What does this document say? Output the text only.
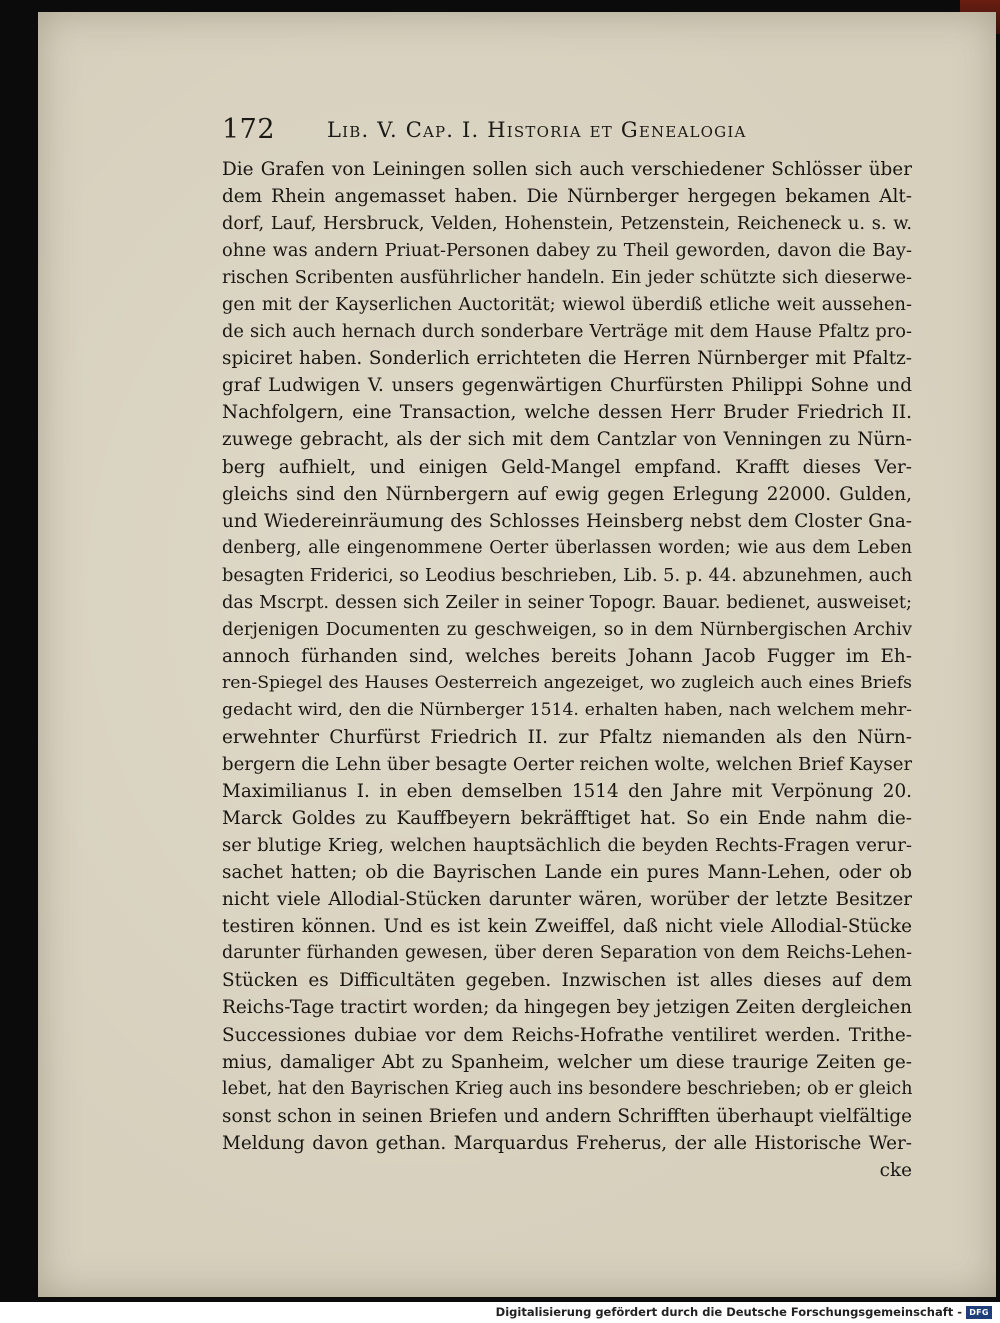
172 Lib. V. Cap. I. Historia et Genealogia
Die Grafen von Leiningen sollen sich auch verschiedener Schlösser über
dem Rhein angemasset haben. Die Nürnberger hergegen bekamen Alt-
dorf, Lauf, Hersbruck, Velden, Hohenstein, Petzenstein, Reicheneck u. s. w.
ohne was andern Priuat-Personen dabey zu Theil geworden, davon die Bay-
rischen Scribenten ausführlicher handeln. Ein jeder schützte sich dieserwe-
gen mit der Kayserlichen Auctorität; wiewol überdiß etliche weit aussehen-
de sich auch hernach durch sonderbare Verträge mit dem Hause Pfaltz pro-
spiciret haben. Sonderlich errichteten die Herren Nürnberger mit Pfaltz-
graf Ludwigen V. unsers gegenwärtigen Churfürsten Philippi Sohne und
Nachfolgern, eine Transaction, welche dessen Herr Bruder Friedrich II.
zuwege gebracht, als der sich mit dem Cantzlar von Venningen zu Nürn-
berg aufhielt, und einigen Geld-Mangel empfand. Krafft dieses Ver-
gleichs sind den Nürnbergern auf ewig gegen Erlegung 22000. Gulden,
und Wiedereinräumung des Schlosses Heinsberg nebst dem Closter Gna-
denberg, alle eingenommene Oerter überlassen worden; wie aus dem Leben
besagten Friderici, so Leodius beschrieben, Lib. 5. p. 44. abzunehmen, auch
das Mscrpt. dessen sich Zeiler in seiner Topogr. Bauar. bedienet, ausweiset;
derjenigen Documenten zu geschweigen, so in dem Nürnbergischen Archiv
annoch fürhanden sind, welches bereits Johann Jacob Fugger im Eh-
ren-Spiegel des Hauses Oesterreich angezeiget, wo zugleich auch eines Briefs
gedacht wird, den die Nürnberger 1514. erhalten haben, nach welchem mehr-
erwehnter Churfürst Friedrich II. zur Pfaltz niemanden als den Nürn-
bergern die Lehn über besagte Oerter reichen wolte, welchen Brief Kayser
Maximilianus I. in eben demselben 1514 den Jahre mit Verpönung 20.
Marck Goldes zu Kauffbeyern bekräfftiget hat. So ein Ende nahm die-
ser blutige Krieg, welchen hauptsächlich die beyden Rechts-Fragen verur-
sachet hatten; ob die Bayrischen Lande ein pures Mann-Lehen, oder ob
nicht viele Allodial-Stücken darunter wären, worüber der letzte Besitzer
testiren können. Und es ist kein Zweiffel, daß nicht viele Allodial-Stücke
darunter fürhanden gewesen, über deren Separation von dem Reichs-Lehen-
Stücken es Difficultäten gegeben. Inzwischen ist alles dieses auf dem
Reichs-Tage tractirt worden; da hingegen bey jetzigen Zeiten dergleichen
Successiones dubiae vor dem Reichs-Hofrathe ventiliret werden. Trithe-
mius, damaliger Abt zu Spanheim, welcher um diese traurige Zeiten ge-
lebet, hat den Bayrischen Krieg auch ins besondere beschrieben; ob er gleich
sonst schon in seinen Briefen und andern Schrifften überhaupt vielfältige
Meldung davon gethan. Marquardus Freherus, der alle Historische Wer-
cke
Digitalisierung gefördert durch die Deutsche Forschungsgemeinschaft - DFG
